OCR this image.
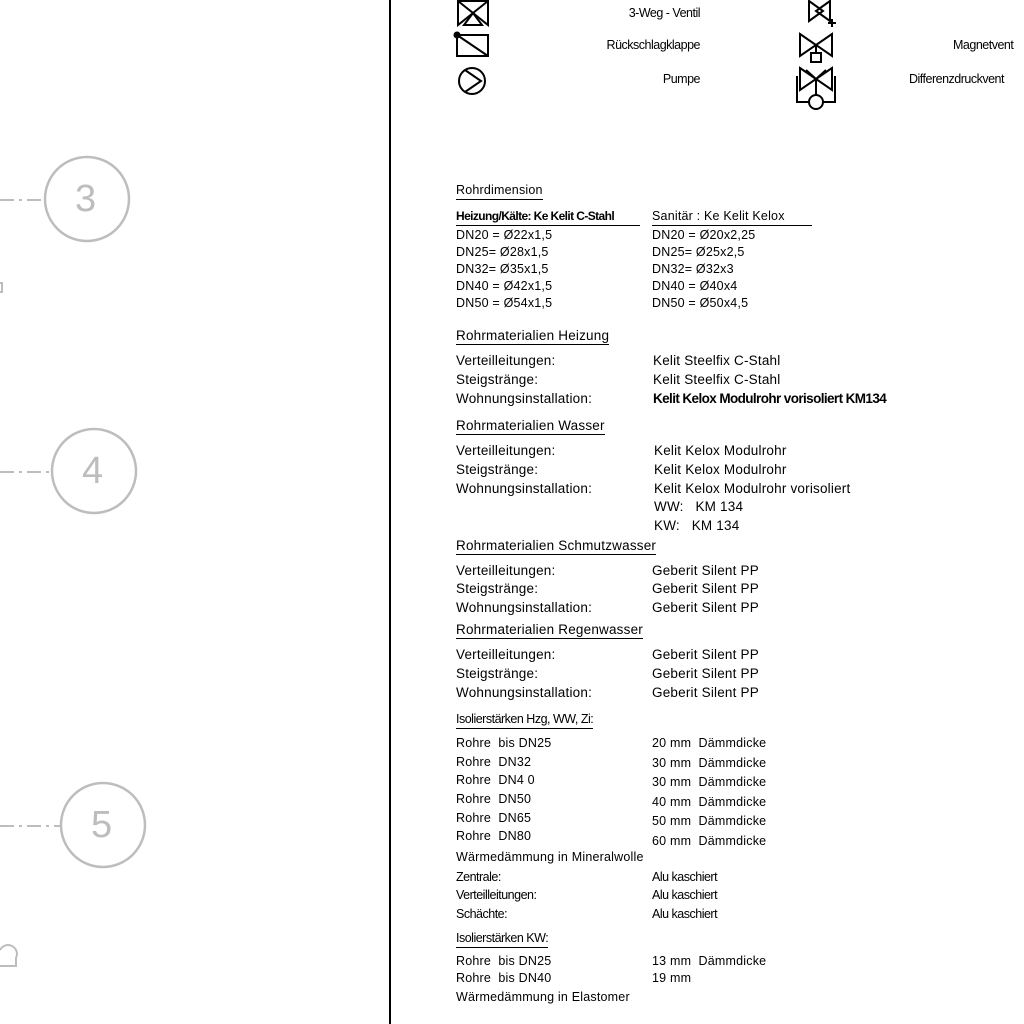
3
4
5
3-Weg - Ventil
Rückschlagklappe
Pumpe
Magnetvent
Differenzdruckvent
Rohrdimension
Heizung/Kälte: Ke Kelit C-Stahl	Sanitär : Ke Kelit Kelox
DN20 = Ø22x1,5
DN25= Ø28x1,5
DN32= Ø35x1,5
DN40 = Ø42x1,5
DN50 = Ø54x1,5
DN20 = Ø20x2,25
DN25= Ø25x2,5
DN32= Ø32x3
DN40 = Ø40x4
DN50 = Ø50x4,5
Rohrmaterialien Heizung
Verteilleitungen:
Steigstränge:
Wohnungsinstallation:
Kelit Steelfix C-Stahl
Kelit Steelfix C-Stahl
Kelit Kelox Modulrohr vorisoliert KM134
Rohrmaterialien Wasser
Verteilleitungen:
Steigstränge:
Wohnungsinstallation:
Kelit Kelox Modulrohr
Kelit Kelox Modulrohr
Kelit Kelox Modulrohr vorisoliert
WW:   KM 134
KW:   KM 134
Rohrmaterialien Schmutzwasser
Verteilleitungen:
Steigstränge:
Wohnungsinstallation:
Geberit Silent PP
Geberit Silent PP
Geberit Silent PP
Rohrmaterialien Regenwasser
Verteilleitungen:
Steigstränge:
Wohnungsinstallation:
Geberit Silent PP
Geberit Silent PP
Geberit Silent PP
Isolierstärken Hzg, WW, Zi:
Rohre  bis DN25
Rohre  DN32
Rohre  DN4 0
Rohre  DN50
Rohre  DN65
Rohre  DN80
20 mm  Dämmdicke
30 mm  Dämmdicke
30 mm  Dämmdicke
40 mm  Dämmdicke
50 mm  Dämmdicke
60 mm  Dämmdicke
Wärmedämmung in Mineralwolle
Zentrale:
Verteilleitungen:
Schächte:
Alu kaschiert
Alu kaschiert
Alu kaschiert
Isolierstärken KW:
Rohre  bis DN25
Rohre  bis DN40
13 mm  Dämmdicke
19 mm
Wärmedämmung in Elastomer
